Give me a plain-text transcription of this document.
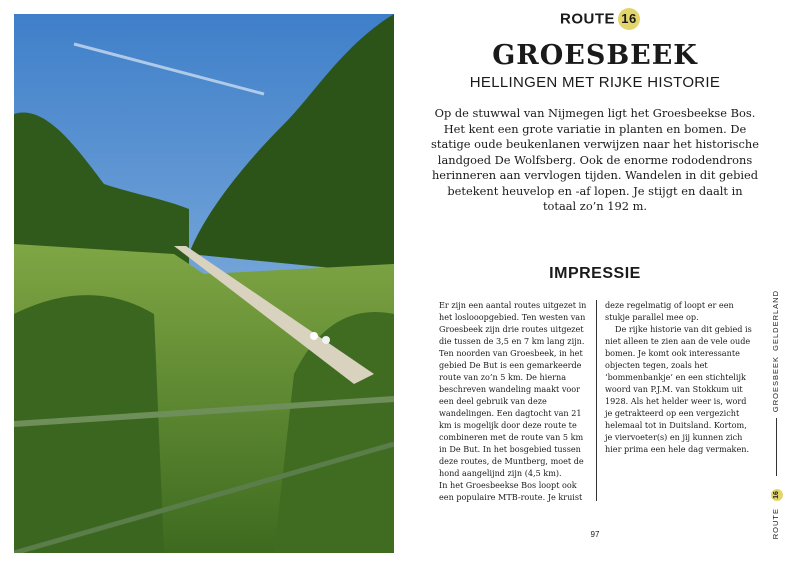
ROUTE 16
GROESBEEK
HELLINGEN MET RIJKE HISTORIE
Op de stuwwal van Nijmegen ligt het Groesbeekse Bos. Het kent een grote variatie in planten en bomen. De statige oude beukenlanen verwijzen naar het historische landgoed De Wolfsberg. Ook de enorme rododendrons herinneren aan vervlogen tijden. Wandelen in dit gebied betekent heuvelop en -af lopen. Je stijgt en daalt in totaal zo’n 192 m.
IMPRESSIE

Er zijn een aantal routes uitgezet in het loslooopgebied. Ten westen van Groesbeek zijn drie routes uitgezet die tussen de 3,5 en 7 km lang zijn. Ten noorden van Groesbeek, in het gebied De But is een gemarkeerde route van zo’n 5 km. De hierna beschreven wandeling maakt voor een deel gebruik van deze wandelingen. Een dagtocht van 21 km is mogelijk door deze route te combineren met de route van 5 km in De But. In het bosgebied tussen deze routes, de Muntberg, moet de hond aangelijnd zijn (4,5 km).

In het Groesbeekse Bos loopt ook een populaire MTB-route. Je kruist

deze regelmatig of loopt er een stukje parallel mee op.

De rijke historie van dit gebied is niet alleen te zien aan de vele oude bomen. Je komt ook interessante objecten tegen, zoals het ‘bommenbankje’ en een stichtelijk woord van P.J.M. van Stokkum uit 1928. Als het helder weer is, word je getrakteerd op een vergezicht helemaal tot in Duitsland. Kortom, je viervoeter(s) en jij kunnen zich hier prima een hele dag vermaken.

97
GELDERLAND
GROESBEEK
16
ROUTE
